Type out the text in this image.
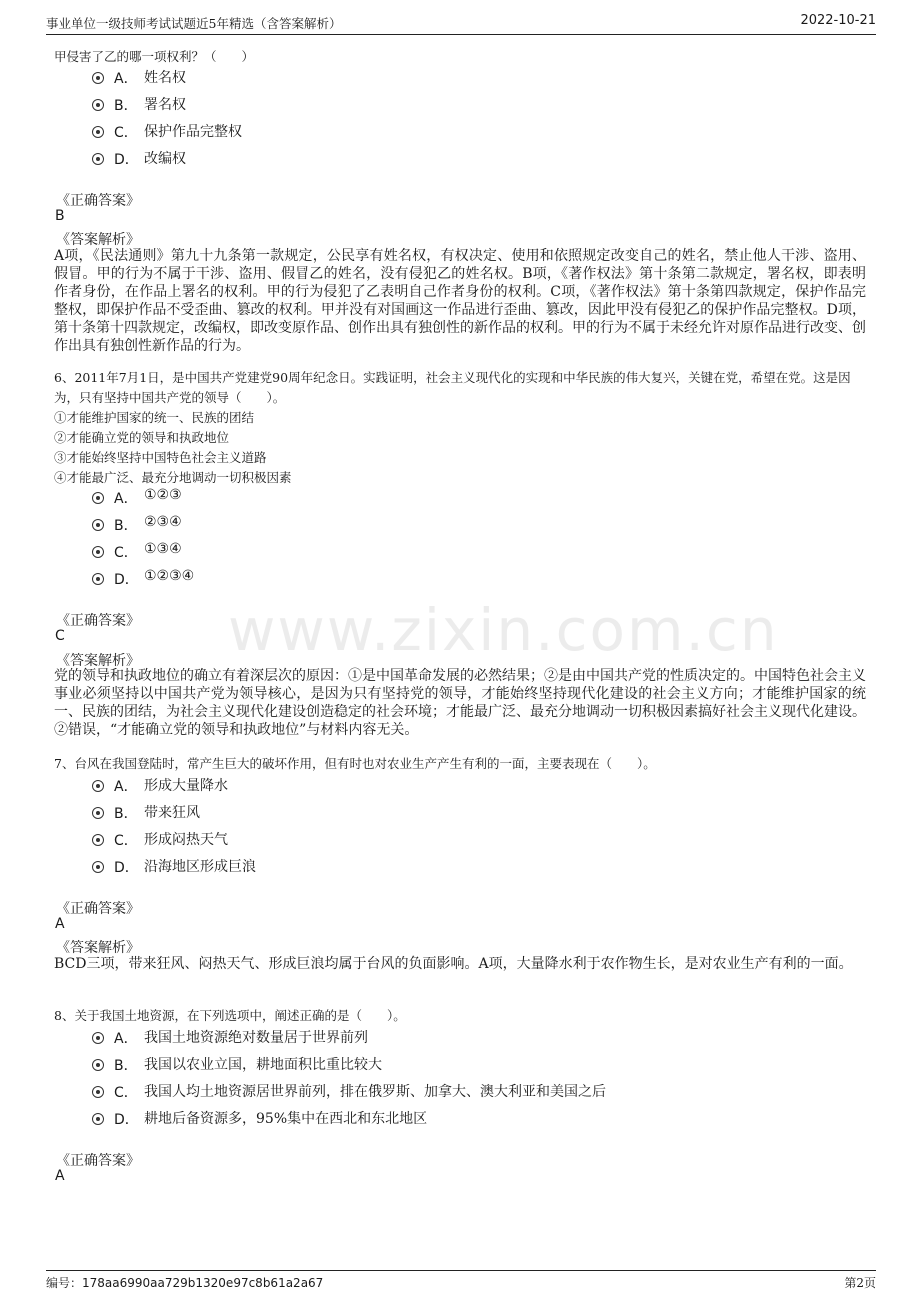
事业单位一级技师考试试题近5年精选（含答案解析）	2022-10-21
www.zixin.com.cn
甲侵害了乙的哪一项权利？（　　）
A． 姓名权
B． 署名权
C． 保护作品完整权
D． 改编权
《正确答案》
B
《答案解析》
A项，《民法通则》第九十九条第一款规定，公民享有姓名权，有权决定、使用和依照规定改变自己的姓名，禁止他人干涉、盗用、假冒。甲的行为不属于干涉、盗用、假冒乙的姓名，没有侵犯乙的姓名权。B项，《著作权法》第十条第二款规定，署名权，即表明作者身份，在作品上署名的权利。甲的行为侵犯了乙表明自己作者身份的权利。C项，《著作权法》第十条第四款规定，保护作品完整权，即保护作品不受歪曲、篡改的权利。甲并没有对国画这一作品进行歪曲、篡改，因此甲没有侵犯乙的保护作品完整权。D项，第十条第十四款规定，改编权，即改变原作品、创作出具有独创性的新作品的权利。甲的行为不属于未经允许对原作品进行改变、创作出具有独创性新作品的行为。
6、2011年7月1日，是中国共产党建党90周年纪念日。实践证明，社会主义现代化的实现和中华民族的伟大复兴，关键在党，希望在党。这是因为，只有坚持中国共产党的领导（　　）。
①才能维护国家的统一、民族的团结
②才能确立党的领导和执政地位
③才能始终坚持中国特色社会主义道路
④才能最广泛、最充分地调动一切积极因素
A． ①②③
B． ②③④
C． ①③④
D． ①②③④
《正确答案》
C
《答案解析》
党的领导和执政地位的确立有着深层次的原因：①是中国革命发展的必然结果；②是由中国共产党的性质决定的。中国特色社会主义事业必须坚持以中国共产党为领导核心，是因为只有坚持党的领导，才能始终坚持现代化建设的社会主义方向；才能维护国家的统一、民族的团结，为社会主义现代化建设创造稳定的社会环境；才能最广泛、最充分地调动一切积极因素搞好社会主义现代化建设。②错误，“才能确立党的领导和执政地位”与材料内容无关。
7、台风在我国登陆时，常产生巨大的破坏作用，但有时也对农业生产产生有利的一面，主要表现在（　　）。
A． 形成大量降水
B． 带来狂风
C． 形成闷热天气
D． 沿海地区形成巨浪
《正确答案》
A
《答案解析》
BCD三项，带来狂风、闷热天气、形成巨浪均属于台风的负面影响。A项，大量降水利于农作物生长，是对农业生产有利的一面。
8、关于我国土地资源，在下列选项中，阐述正确的是（　　）。
A． 我国土地资源绝对数量居于世界前列
B． 我国以农业立国，耕地面积比重比较大
C． 我国人均土地资源居世界前列，排在俄罗斯、加拿大、澳大利亚和美国之后
D． 耕地后备资源多，95%集中在西北和东北地区
《正确答案》
A
编号：178aa6990aa729b1320e97c8b61a2a67	第2页
